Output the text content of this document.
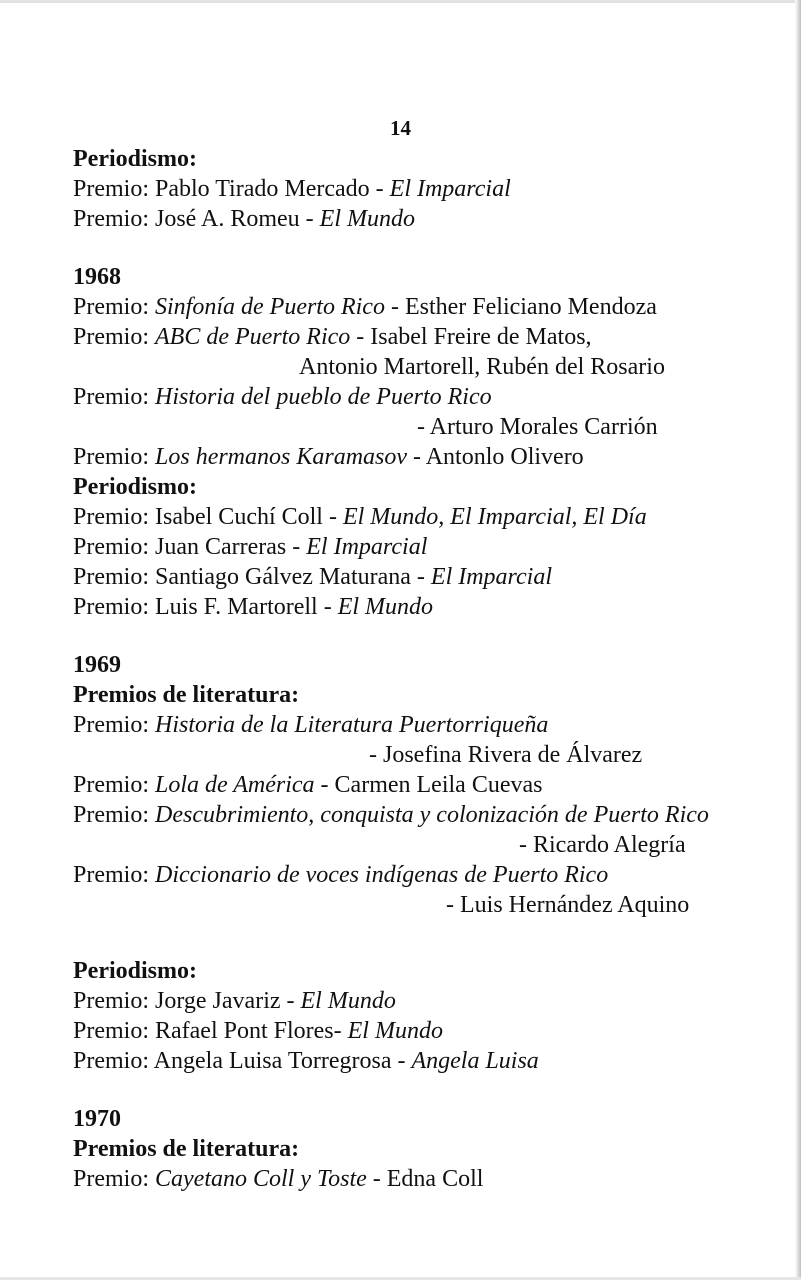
14
Periodismo:
Premio: Pablo Tirado Mercado - El Imparcial
Premio: José A. Romeu - El Mundo
1968
Premio: Sinfonía de Puerto Rico - Esther Feliciano Mendoza
Premio: ABC de Puerto Rico - Isabel Freire de Matos,
Antonio Martorell, Rubén del Rosario
Premio: Historia del pueblo de Puerto Rico
- Arturo Morales Carrión
Premio: Los hermanos Karamasov - Antonlo Olivero
Periodismo:
Premio: Isabel Cuchí Coll - El Mundo, El Imparcial, El Día
Premio: Juan Carreras - El Imparcial
Premio: Santiago Gálvez Maturana - El Imparcial
Premio: Luis F. Martorell - El Mundo
1969
Premios de literatura:
Premio: Historia de la Literatura Puertorriqueña
- Josefina Rivera de Álvarez
Premio: Lola de América - Carmen Leila Cuevas
Premio: Descubrimiento, conquista y colonización de Puerto Rico
- Ricardo Alegría
Premio: Diccionario de voces indígenas de Puerto Rico
- Luis Hernández Aquino
Periodismo:
Premio: Jorge Javariz - El Mundo
Premio: Rafael Pont Flores- El Mundo
Premio: Angela Luisa Torregrosa - Angela Luisa
1970
Premios de literatura:
Premio: Cayetano Coll y Toste - Edna Coll
